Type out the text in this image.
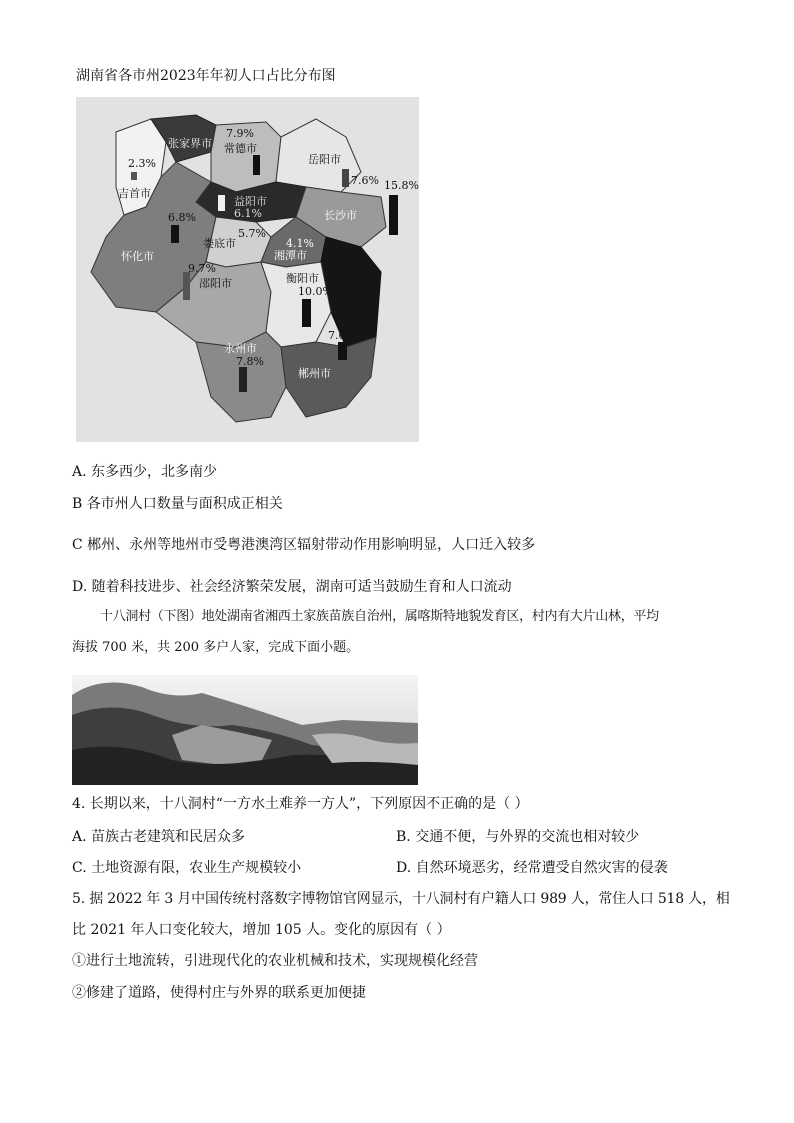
湖南省各市州2023年年初人口占比分布图
张家界市 常德市
7.9%
岳阳市
7.6%
吉首市
2.3%
长沙市
15.8%
益阳市
6.1%
怀化市
6.8%
娄底市
5.7%
湘潭市
4.1%
邵阳市
9.7%
衡阳市
10.0%
永州市
7.8%
郴州市
7.0%
A. 东多西少，北多南少
B 各市州人口数量与面积成正相关
C 郴州、永州等地州市受粤港澳湾区辐射带动作用影响明显，人口迁入较多
D. 随着科技进步、社会经济繁荣发展，湖南可适当鼓励生育和人口流动
十八洞村（下图）地处湖南省湘西土家族苗族自治州，属喀斯特地貌发育区，村内有大片山林，平均
海拔 700 米，共 200 多户人家，完成下面小题。
4. 长期以来，十八洞村“一方水土难养一方人”，下列原因不正确的是（ ）
A. 苗族古老建筑和民居众多	B. 交通不便，与外界的交流也相对较少
C. 土地资源有限，农业生产规模较小	D. 自然环境恶劣，经常遭受自然灾害的侵袭
5. 据 2022 年 3 月中国传统村落数字博物馆官网显示，十八洞村有户籍人口 989 人，常住人口 518 人，相
比 2021 年人口变化较大，增加 105 人。变化的原因有（ ）
①进行土地流转，引进现代化的农业机械和技术，实现规模化经营
②修建了道路，使得村庄与外界的联系更加便捷
